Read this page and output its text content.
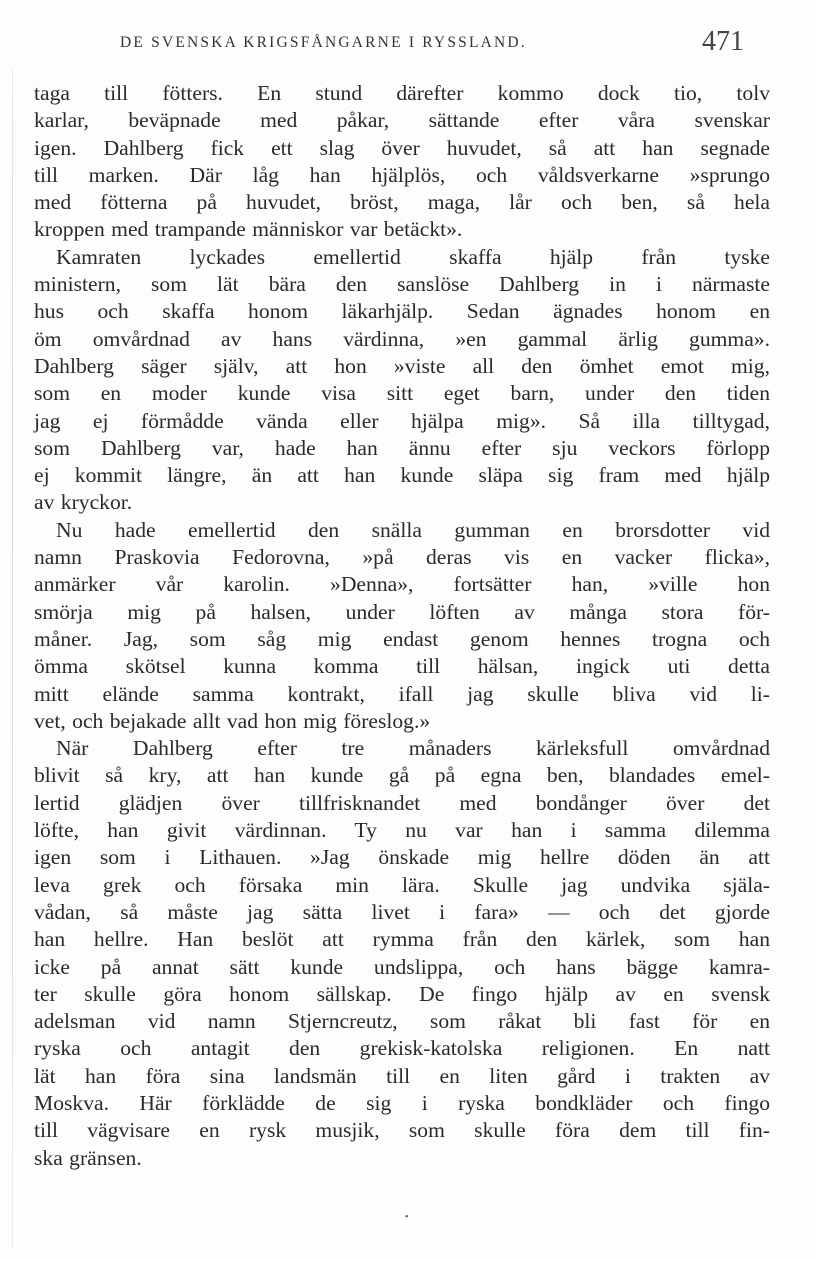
DE SVENSKA KRIGSFÅNGARNE I RYSSLAND.	471
taga till fötters. En stund därefter kommo dock tio, tolv
karlar, beväpnade med påkar, sättande efter våra svenskar
igen. Dahlberg fick ett slag över huvudet, så att han segnade
till marken. Där låg han hjälplös, och våldsverkarne »sprungo
med fötterna på huvudet, bröst, maga, lår och ben, så hela
kroppen med trampande människor var betäckt».
Kamraten lyckades emellertid skaffa hjälp från tyske
ministern, som lät bära den sanslöse Dahlberg in i närmaste
hus och skaffa honom läkarhjälp. Sedan ägnades honom en
öm omvårdnad av hans värdinna, »en gammal ärlig gumma».
Dahlberg säger själv, att hon »viste all den ömhet emot mig,
som en moder kunde visa sitt eget barn, under den tiden
jag ej förmådde vända eller hjälpa mig». Så illa tilltygad,
som Dahlberg var, hade han ännu efter sju veckors förlopp
ej kommit längre, än att han kunde släpa sig fram med hjälp
av kryckor.
Nu hade emellertid den snälla gumman en brorsdotter vid
namn Praskovia Fedorovna, »på deras vis en vacker flicka»,
anmärker vår karolin. »Denna», fortsätter han, »ville hon
smörja mig på halsen, under löften av många stora för-
måner. Jag, som såg mig endast genom hennes trogna och
ömma skötsel kunna komma till hälsan, ingick uti detta
mitt elände samma kontrakt, ifall jag skulle bliva vid li-
vet, och bejakade allt vad hon mig föreslog.»
När Dahlberg efter tre månaders kärleksfull omvårdnad
blivit så kry, att han kunde gå på egna ben, blandades emel-
lertid glädjen över tillfrisknandet med bondånger över det
löfte, han givit värdinnan. Ty nu var han i samma dilemma
igen som i Lithauen. »Jag önskade mig hellre döden än att
leva grek och försaka min lära. Skulle jag undvika själa-
vådan, så måste jag sätta livet i fara» — och det gjorde
han hellre. Han beslöt att rymma från den kärlek, som han
icke på annat sätt kunde undslippa, och hans bägge kamra-
ter skulle göra honom sällskap. De fingo hjälp av en svensk
adelsman vid namn Stjerncreutz, som råkat bli fast för en
ryska och antagit den grekisk-katolska religionen. En natt
lät han föra sina landsmän till en liten gård i trakten av
Moskva. Här förklädde de sig i ryska bondkläder och fingo
till vägvisare en rysk musjik, som skulle föra dem till fin-
ska gränsen.
•
